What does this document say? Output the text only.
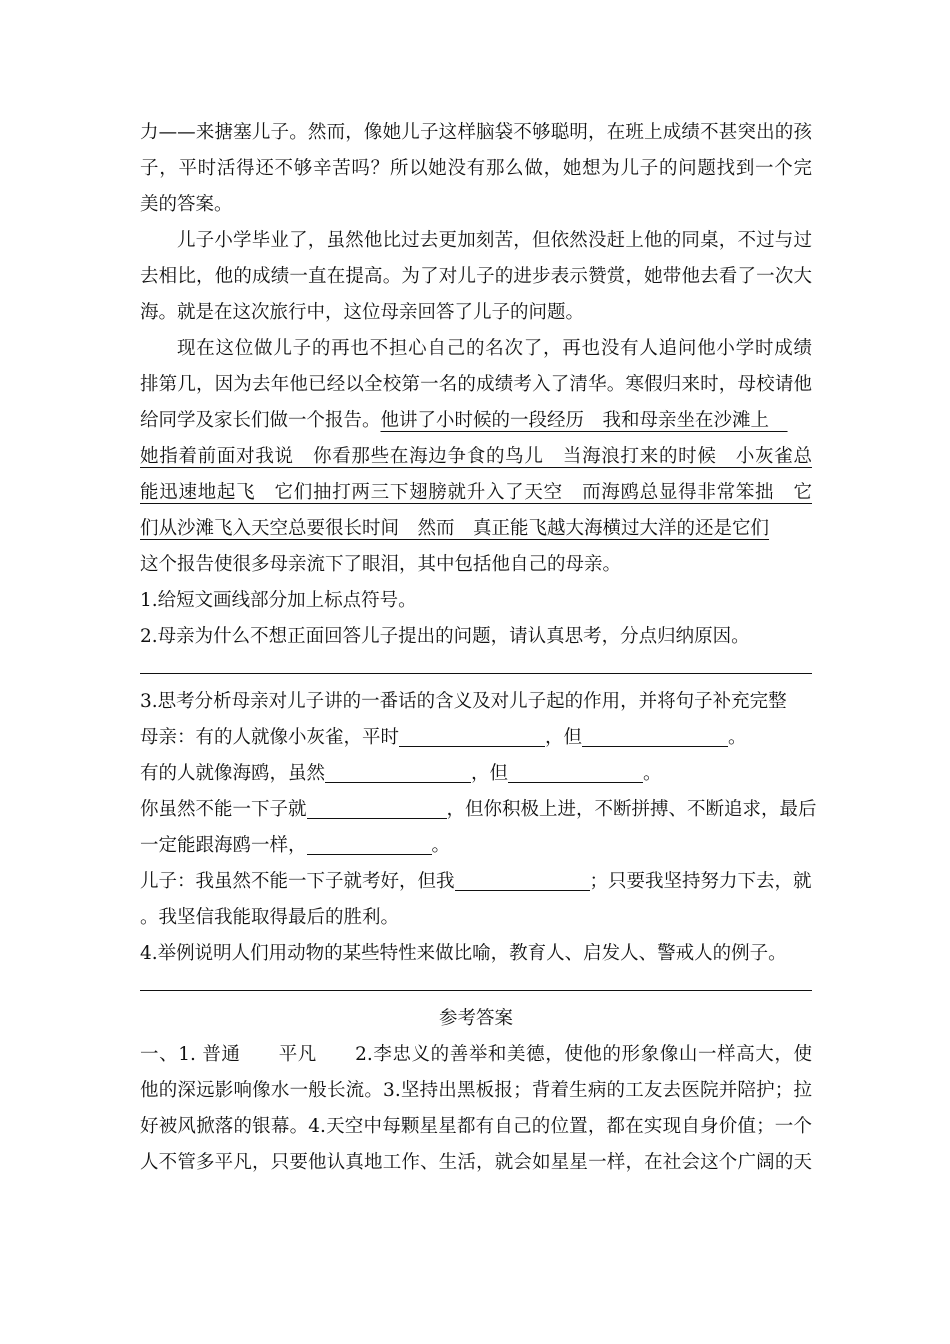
力——来搪塞儿子。然而，像她儿子这样脑袋不够聪明，在班上成绩不甚突出的孩
子，平时活得还不够辛苦吗？所以她没有那么做，她想为儿子的问题找到一个完
美的答案。
儿子小学毕业了，虽然他比过去更加刻苦，但依然没赶上他的同桌，不过与过
去相比，他的成绩一直在提高。为了对儿子的进步表示赞赏，她带他去看了一次大
海。就是在这次旅行中，这位母亲回答了儿子的问题。
现在这位做儿子的再也不担心自己的名次了，再也没有人追问他小学时成绩
排第几，因为去年他已经以全校第一名的成绩考入了清华。寒假归来时，母校请他
给同学及家长们做一个报告。他讲了小时候的一段经历　我和母亲坐在沙滩上　
她指着前面对我说　你看那些在海边争食的鸟儿　当海浪打来的时候　小灰雀总
能迅速地起飞　它们抽打两三下翅膀就升入了天空　而海鸥总显得非常笨拙　它
们从沙滩飞入天空总要很长时间　然而　真正能飞越大海横过大洋的还是它们
这个报告使很多母亲流下了眼泪，其中包括他自己的母亲。
1.给短文画线部分加上标点符号。
2.母亲为什么不想正面回答儿子提出的问题，请认真思考，分点归纳原因。
3.思考分析母亲对儿子讲的一番话的含义及对儿子起的作用，并将句子补充完整
母亲：有的人就像小灰雀，平时	，但	。
有的人就像海鸥，虽然	，但	。
你虽然不能一下子就	，但你积极上进，不断拼搏、不断追求，最后
一定能跟海鸥一样，	。
儿子：我虽然不能一下子就考好，但我	；只要我坚持努力下去，就
。我坚信我能取得最后的胜利。
4.举例说明人们用动物的某些特性来做比喻，教育人、启发人、警戒人的例子。
参考答案
一、1. 普通　　平凡　　2.李忠义的善举和美德，使他的形象像山一样高大，使
他的深远影响像水一般长流。3.坚持出黑板报；背着生病的工友去医院并陪护；拉
好被风掀落的银幕。4.天空中每颗星星都有自己的位置，都在实现自身价值；一个
人不管多平凡，只要他认真地工作、生活，就会如星星一样，在社会这个广阔的天
